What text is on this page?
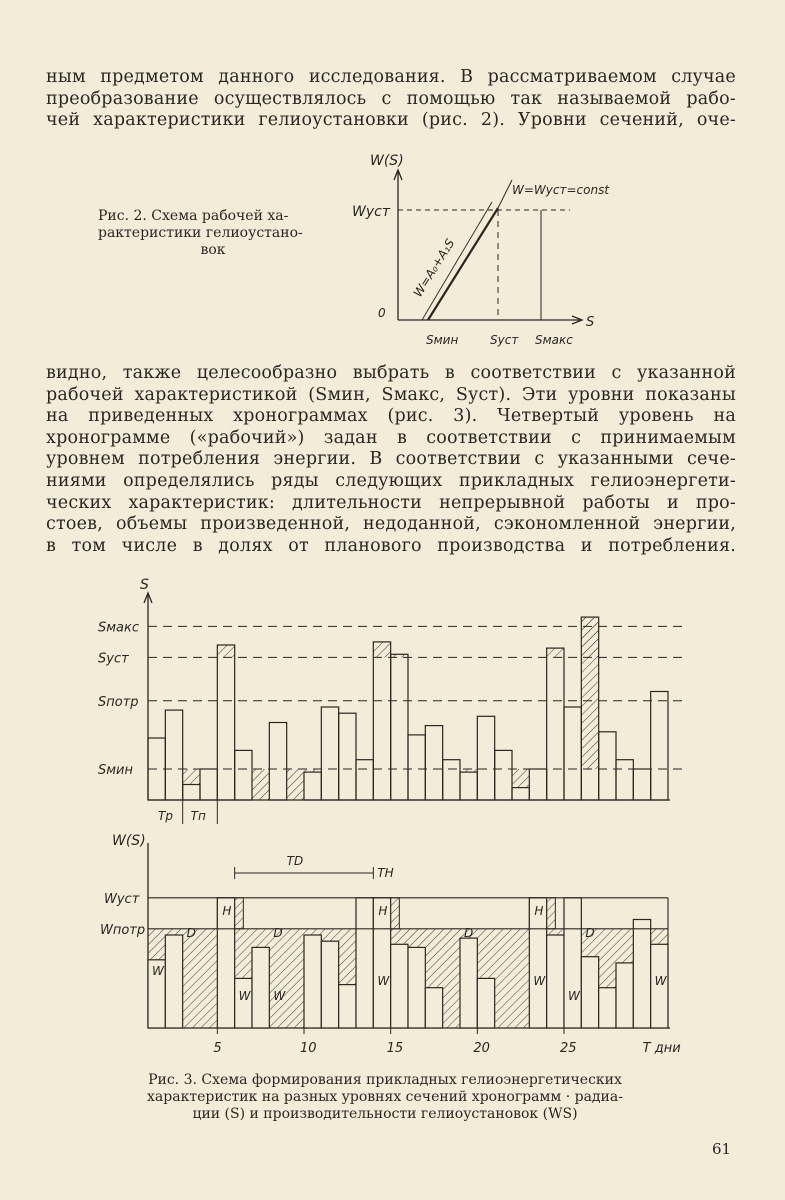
ным предметом данного исследования. В рассматриваемом случае
преобразование осуществлялось с помощью так называемой рабо-
чей характеристики гелиоустановки (рис. 2). Уровни сечений, оче-
Рис. 2. Схема рабочей ха-
рактеристики гелиоустано-
вок
W(S)
S
0
Wуст
W=Wуст=const
W=A₀+A₁S
Sмин	Sуст Sмакс
видно, также целесообразно выбрать в соответствии с указанной
рабочей характеристикой (Sмин, Sмакс, Sуст). Эти уровни показаны
на приведенных хронограммах (рис. 3). Четвертый уровень на
хронограмме («рабочий») задан в соответствии с принимаемым
уровнем потребления энергии. В соответствии с указанными сече-
ниями определялись ряды следующих прикладных гелиоэнергети-
ческих характеристик: длительности непрерывной работы и про-
стоев, объемы произведенной, недоданной, сэкономленной энергии,
в том числе в долях от планового производства и потребления.
S
Sмакс
Sуст
Sпотр
Sмин
Tр Tп
W(S)
Wуст
Wпотр
W
W W
W	W
W
W
D	D	D	D
H	H	H
TD
TН
5	10	15	20	25	T дни
Рис. 3. Схема формирования прикладных гелиоэнергетических
характеристик на разных уровнях сечений хронограмм · радиа-
ции (S) и производительности гелиоустановок (WS)
61
